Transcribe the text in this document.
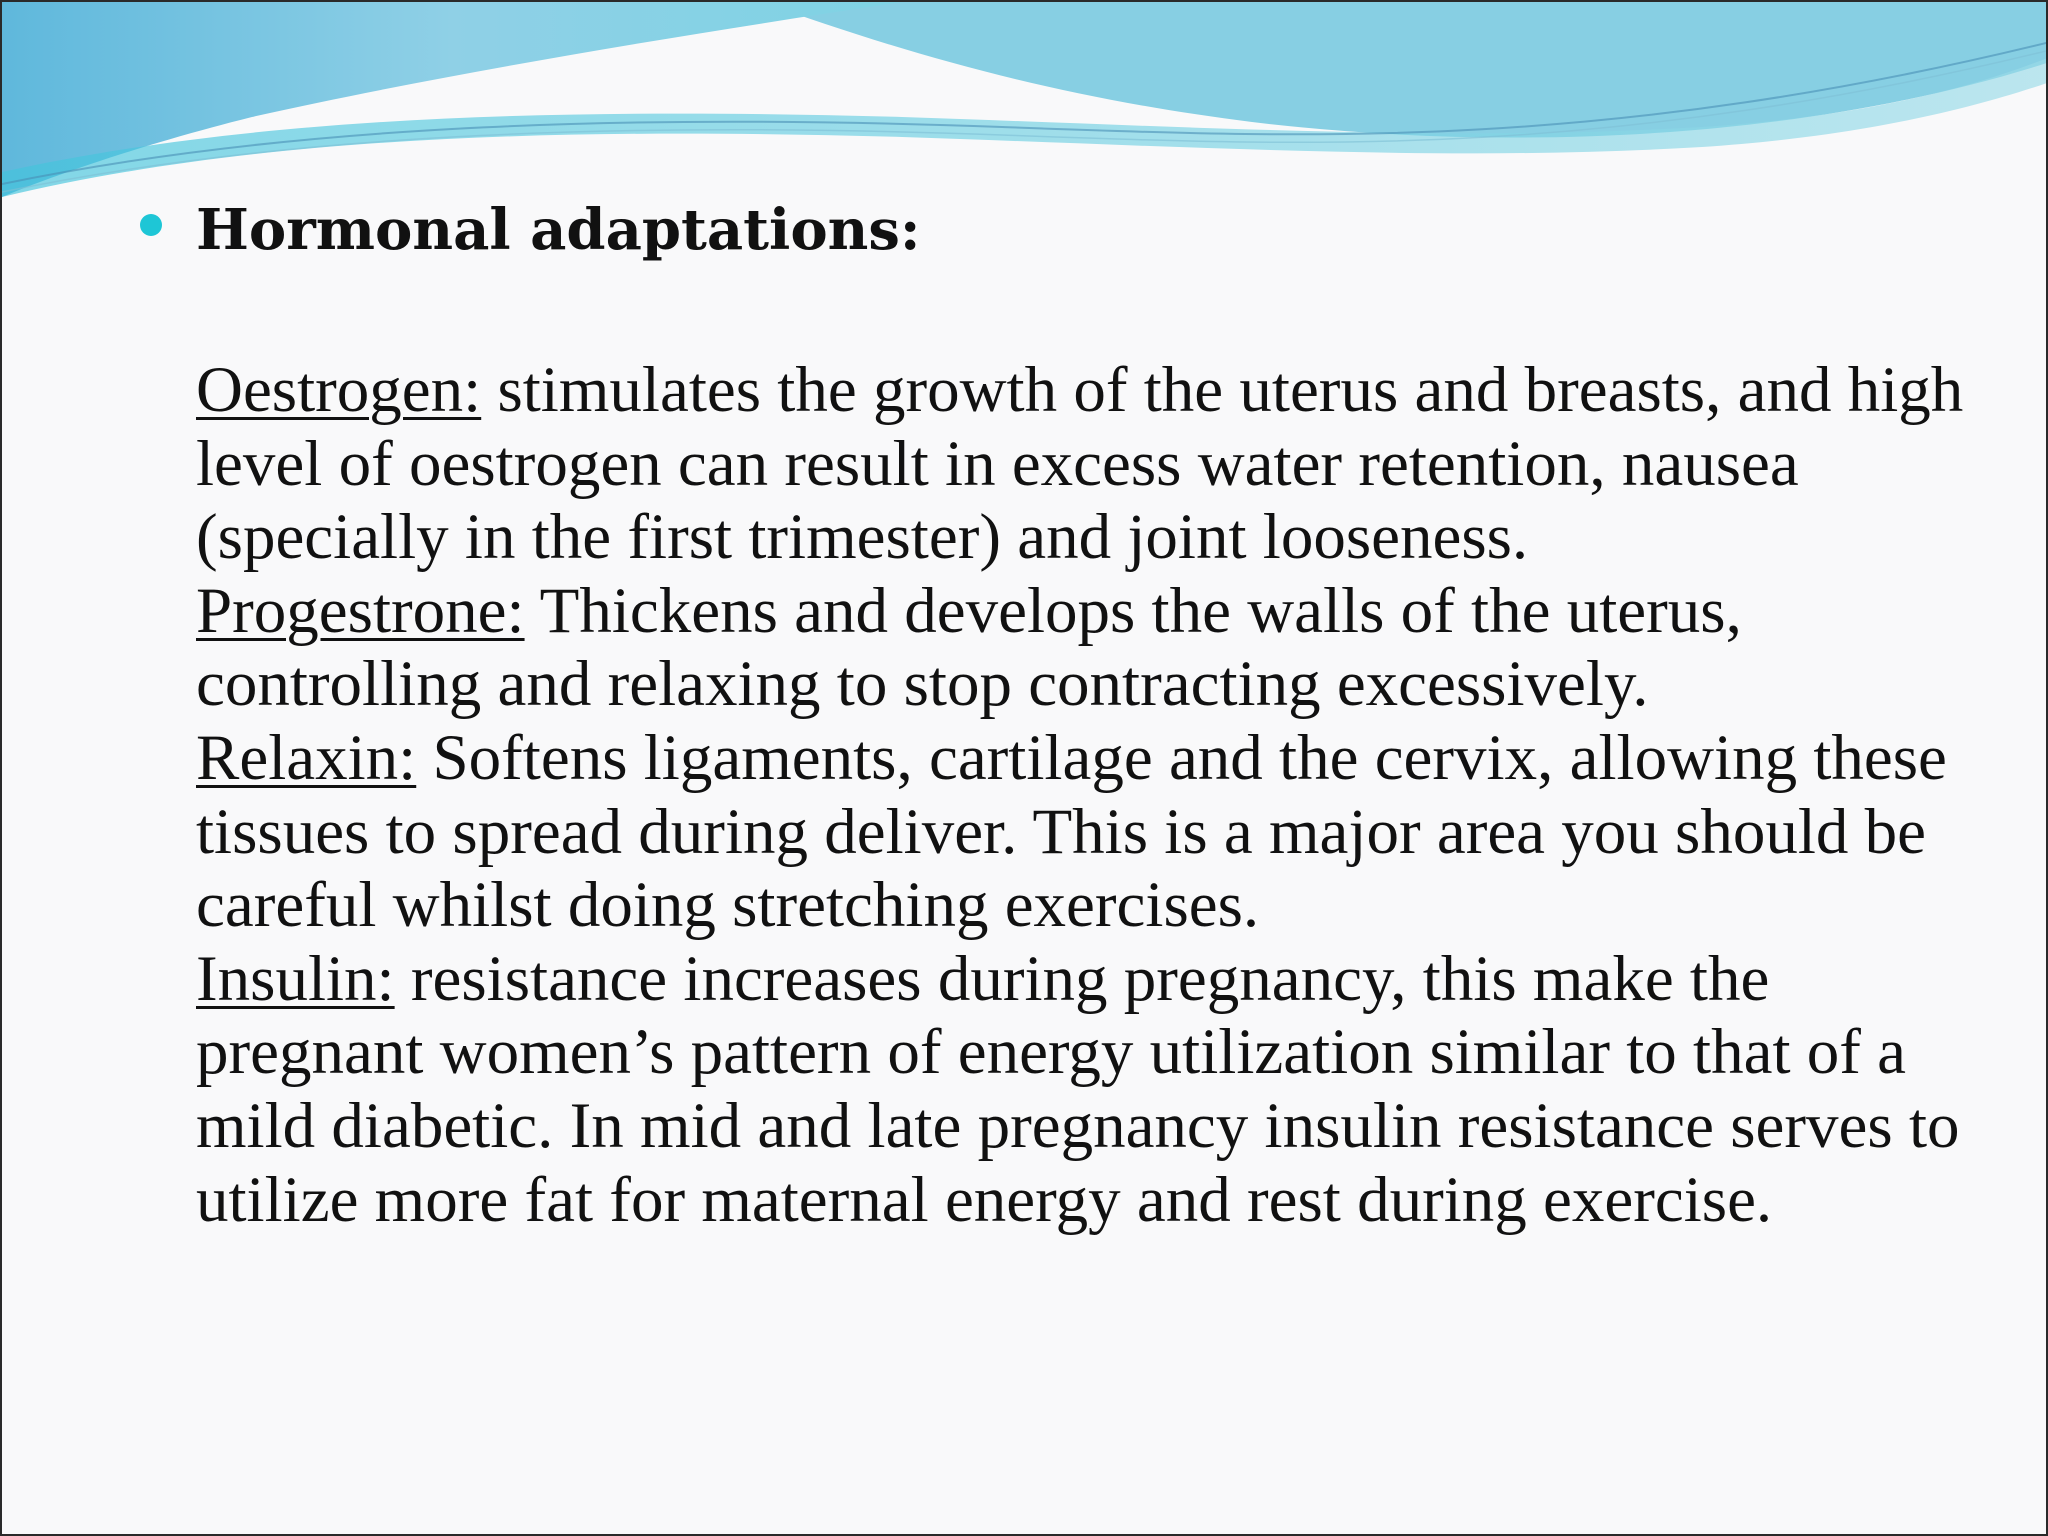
Hormonal adaptations:

Oestrogen: stimulates the growth of the uterus and breasts, and high level of oestrogen can result in excess water retention, nausea (specially in the first trimester) and joint looseness.

Progestrone: Thickens and develops the walls of the uterus, controlling and relaxing to stop contracting excessively.

Relaxin: Softens ligaments, cartilage and the cervix, allowing these tissues to spread during deliver. This is a major area you should be careful whilst doing stretching exercises.

Insulin: resistance increases during pregnancy, this make the pregnant women’s pattern of energy utilization similar to that of a mild diabetic. In mid and late pregnancy insulin resistance serves to utilize more fat for maternal energy and rest during exercise.
